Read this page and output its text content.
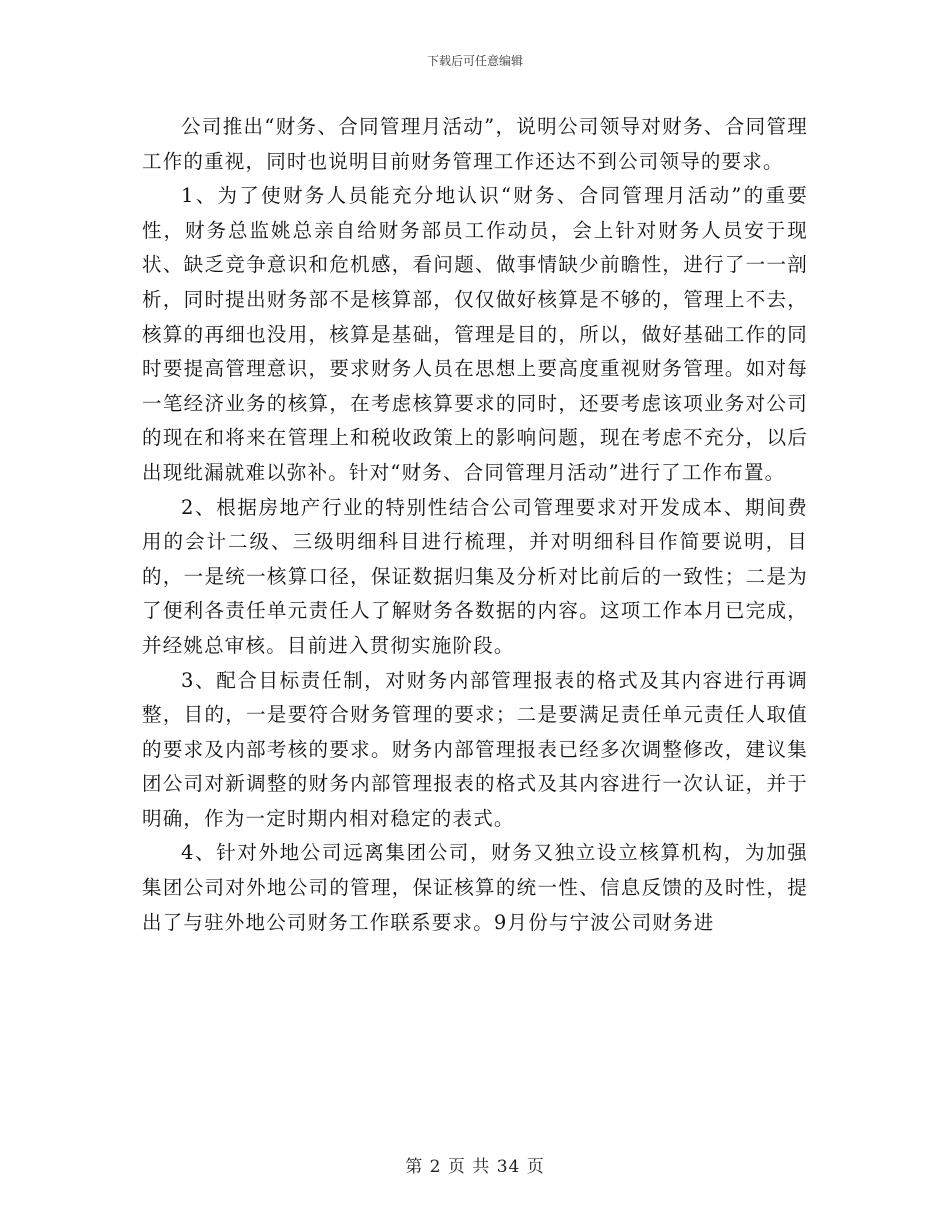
下载后可任意编辑

公司推出“财务、合同管理月活动”，说明公司领导对财务、合同管理工作的重视，同时也说明目前财务管理工作还达不到公司领导的要求。

1、为了使财务人员能充分地认识“财务、合同管理月活动”的重要性，财务总监姚总亲自给财务部员工作动员，会上针对财务人员安于现状、缺乏竞争意识和危机感，看问题、做事情缺少前瞻性，进行了一一剖析，同时提出财务部不是核算部，仅仅做好核算是不够的，管理上不去，核算的再细也没用，核算是基础，管理是目的，所以，做好基础工作的同时要提高管理意识，要求财务人员在思想上要高度重视财务管理。如对每一笔经济业务的核算，在考虑核算要求的同时，还要考虑该项业务对公司的现在和将来在管理上和税收政策上的影响问题，现在考虑不充分，以后出现纰漏就难以弥补。针对“财务、合同管理月活动”进行了工作布置。

2、根据房地产行业的特别性结合公司管理要求对开发成本、期间费用的会计二级、三级明细科目进行梳理，并对明细科目作简要说明，目的，一是统一核算口径，保证数据归集及分析对比前后的一致性；二是为了便利各责任单元责任人了解财务各数据的内容。这项工作本月已完成，并经姚总审核。目前进入贯彻实施阶段。

3、配合目标责任制，对财务内部管理报表的格式及其内容进行再调整，目的，一是要符合财务管理的要求；二是要满足责任单元责任人取值的要求及内部考核的要求。财务内部管理报表已经多次调整修改，建议集团公司对新调整的财务内部管理报表的格式及其内容进行一次认证，并于明确，作为一定时期内相对稳定的表式。

4、针对外地公司远离集团公司，财务又独立设立核算机构，为加强集团公司对外地公司的管理，保证核算的统一性、信息反馈的及时性，提出了与驻外地公司财务工作联系要求。9月份与宁波公司财务进

第 2 页 共 34 页
